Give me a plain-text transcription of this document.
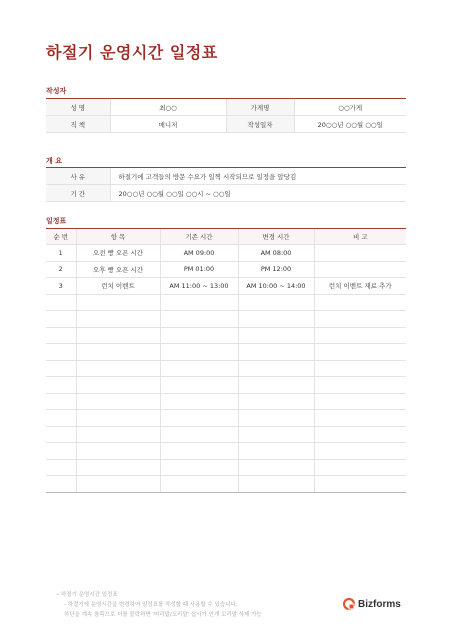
하절기 운영시간 일정표
작성자
성 명	최○○	가게명	○○가게
직 책	매니저	작성일자	20○○년 ○○월 ○○일
개 요
사 유	하절기에 고객들의 방문 수요가 일찍 시작되므로 일정을 앞당김
기 간	20○○년 ○○월 ○○일 ○○시 ~ ○○일
일정표
순 번	항 목	기존 시간	변경 시간	비 고
1	오전 빵 오픈 시간	AM 09:00	AM 08:00	
2	오후 빵 오픈 시간	PM 01:00	PM 12:00	
3	런치 이벤트	AM 11:00 ~ 13:00	AM 10:00 ~ 14:00	런치 이벤트 재료 추가

• 하절기 운영시간 일정표
- 하절기에 운영시간을 변경하여 일정표를 작성할 때 사용할 수 있습니다.
하단을 계속 참목으로 더를 블락하면 '머리말/꼬리말' 삽사가 인개 꼬리말 삭제 가능
Bizforms
